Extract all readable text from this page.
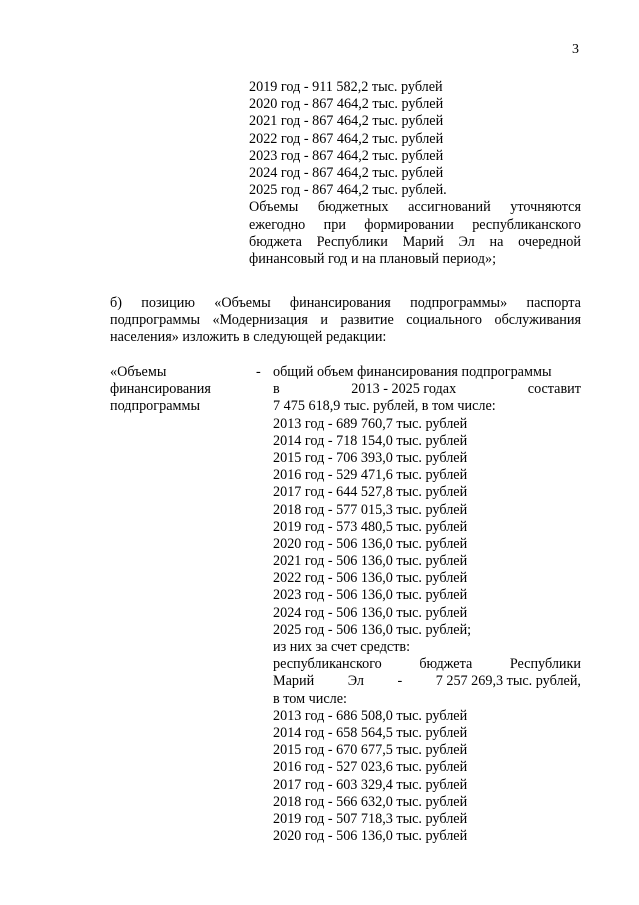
3
2019 год - 911 582,2 тыс. рублей
2020 год - 867 464,2 тыс. рублей
2021 год - 867 464,2 тыс. рублей
2022 год - 867 464,2 тыс. рублей
2023 год - 867 464,2 тыс. рублей
2024 год - 867 464,2 тыс. рублей
2025 год - 867 464,2 тыс. рублей.
Объемы бюджетных ассигнований уточняются
ежегодно при формировании республиканского
бюджета Республики Марий Эл на очередной
финансовый год и на плановый период»;
б) позицию «Объемы финансирования подпрограммы» паспорта
подпрограммы «Модернизация и развитие социального обслуживания
населения» изложить в следующей редакции:
«Объемы
финансирования
подпрограммы
- общий объем финансирования подпрограммы
в	2013 - 2025 годах	составит
7 475 618,9 тыс. рублей, в том числе:
2013 год - 689 760,7 тыс. рублей
2014 год - 718 154,0 тыс. рублей
2015 год - 706 393,0 тыс. рублей
2016 год - 529 471,6 тыс. рублей
2017 год - 644 527,8 тыс. рублей
2018 год - 577 015,3 тыс. рублей
2019 год - 573 480,5 тыс. рублей
2020 год - 506 136,0 тыс. рублей
2021 год - 506 136,0 тыс. рублей
2022 год - 506 136,0 тыс. рублей
2023 год - 506 136,0 тыс. рублей
2024 год - 506 136,0 тыс. рублей
2025 год - 506 136,0 тыс. рублей;
из них за счет средств:
республиканского	бюджета	Республики
Марий Эл - 7 257 269,3 тыс. рублей,
в том числе:
2013 год - 686 508,0 тыс. рублей
2014 год - 658 564,5 тыс. рублей
2015 год - 670 677,5 тыс. рублей
2016 год - 527 023,6 тыс. рублей
2017 год - 603 329,4 тыс. рублей
2018 год - 566 632,0 тыс. рублей
2019 год - 507 718,3 тыс. рублей
2020 год - 506 136,0 тыс. рублей
